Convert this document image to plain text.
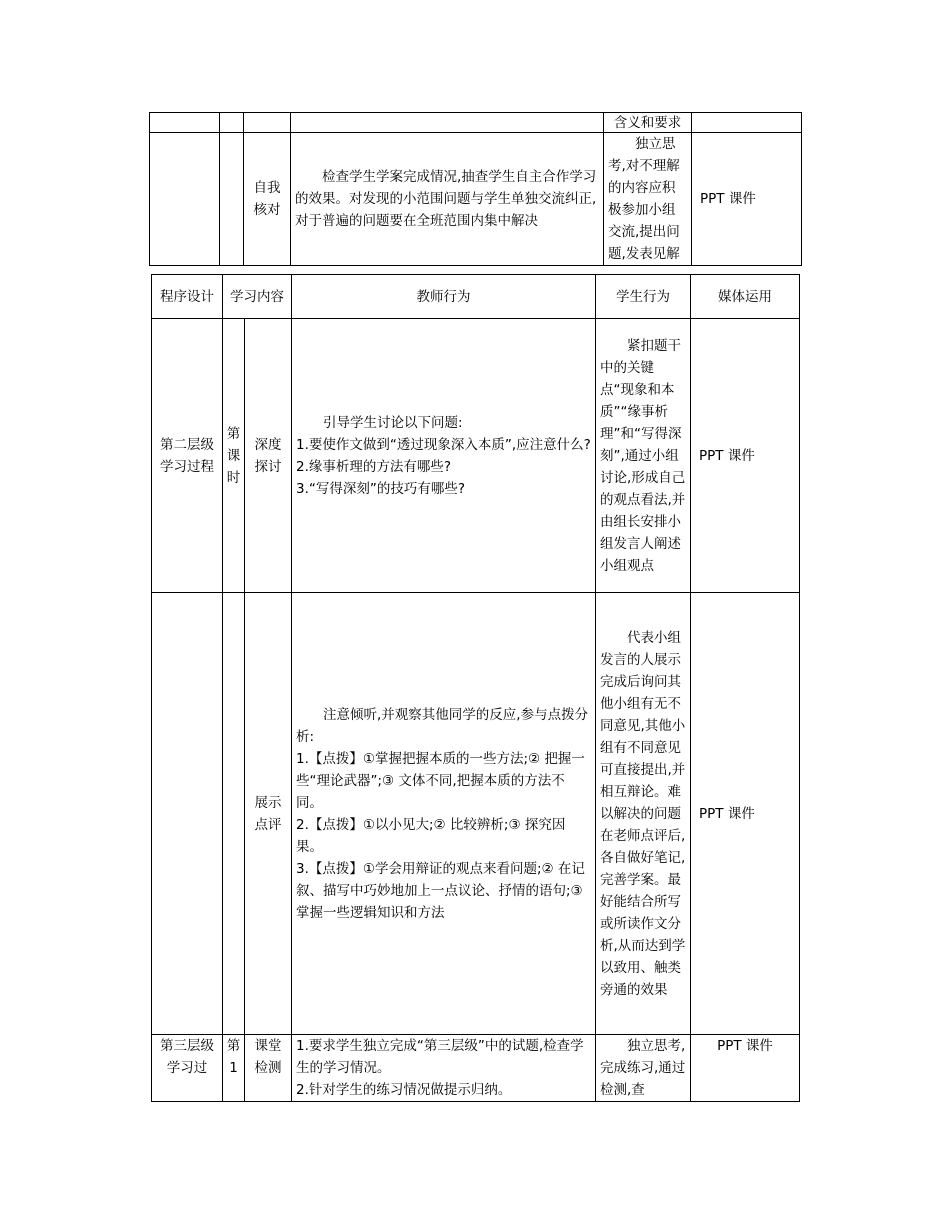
				含义和要求	
		自我核对	检查学生学案完成情况,抽查学生自主合作学习的效果。对发现的小范围问题与学生单独交流纠正,对于普遍的问题要在全班范围内集中解决	独立思考,对不理解的内容应积极参加小组交流,提出问题,发表见解	PPT 课件
程序设计	学习内容		教师行为	学生行为	媒体运用
第二层级学习过程	第课时	深度探讨	引导学生讨论以下问题:
1.要使作文做到“透过现象深入本质”,应注意什么?
2.缘事析理的方法有哪些?
3.“写得深刻”的技巧有哪些?	紧扣题干中的关键点“现象和本质”“缘事析理”和“写得深刻”,通过小组讨论,形成自己的观点看法,并由组长安排小组发言人阐述小组观点	PPT 课件
		展示点评	注意倾听,并观察其他同学的反应,参与点拨分析:
1.【点拨】①掌握把握本质的一些方法;② 把握一些“理论武器”;③ 文体不同,把握本质的方法不同。
2.【点拨】①以小见大;② 比较辨析;③ 探究因果。
3.【点拨】①学会用辩证的观点来看问题;② 在记叙、描写中巧妙地加上一点议论、抒情的语句;③ 掌握一些逻辑知识和方法	代表小组发言的人展示完成后询问其他小组有无不同意见,其他小组有不同意见可直接提出,并相互辩论。难以解决的问题在老师点评后,各自做好笔记,完善学案。最好能结合所写或所读作文分析,从而达到学以致用、触类旁通的效果	PPT 课件
第三层级学习过	第1	课堂检测	1.要求学生独立完成“第三层级”中的试题,检查学生的学习情况。
2.针对学生的练习情况做提示归纳。	独立思考,完成练习,通过检测,查	PPT 课件
